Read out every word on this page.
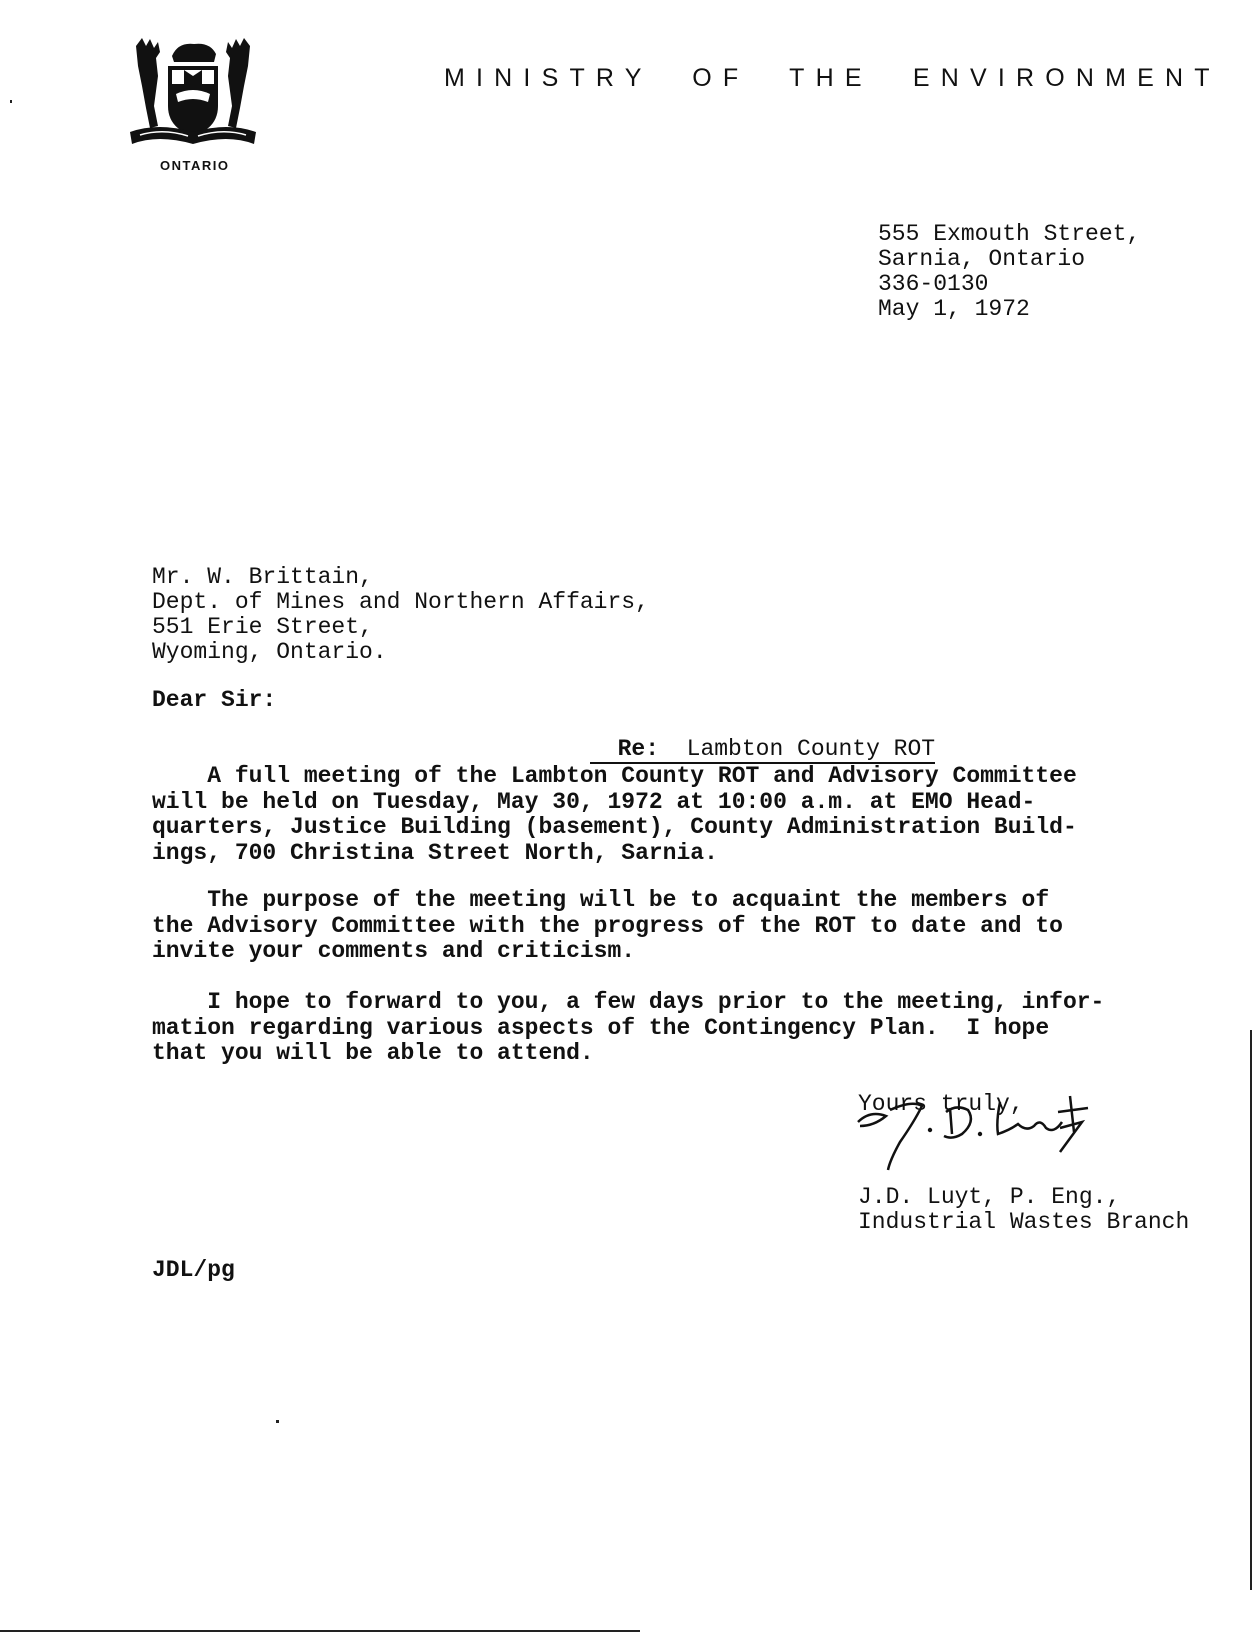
ONTARIO
MINISTRY OF THE ENVIRONMENT
555 Exmouth Street,
Sarnia, Ontario
336-0130
May 1, 1972
Mr. W. Brittain,
Dept. of Mines and Northern Affairs,
551 Erie Street,
Wyoming, Ontario.
Dear Sir:

Re: Lambton County ROT

A full meeting of the Lambton County ROT and Advisory Committee
will be held on Tuesday, May 30, 1972 at 10:00 a.m. at EMO Head-
quarters, Justice Building (basement), County Administration Build-
ings, 700 Christina Street North, Sarnia.
The purpose of the meeting will be to acquaint the members of
the Advisory Committee with the progress of the ROT to date and to
invite your comments and criticism.
I hope to forward to you, a few days prior to the meeting, infor-
mation regarding various aspects of the Contingency Plan.  I hope
that you will be able to attend.
Yours truly,
J.D. Luyt, P. Eng.,
Industrial Wastes Branch
JDL/pg
